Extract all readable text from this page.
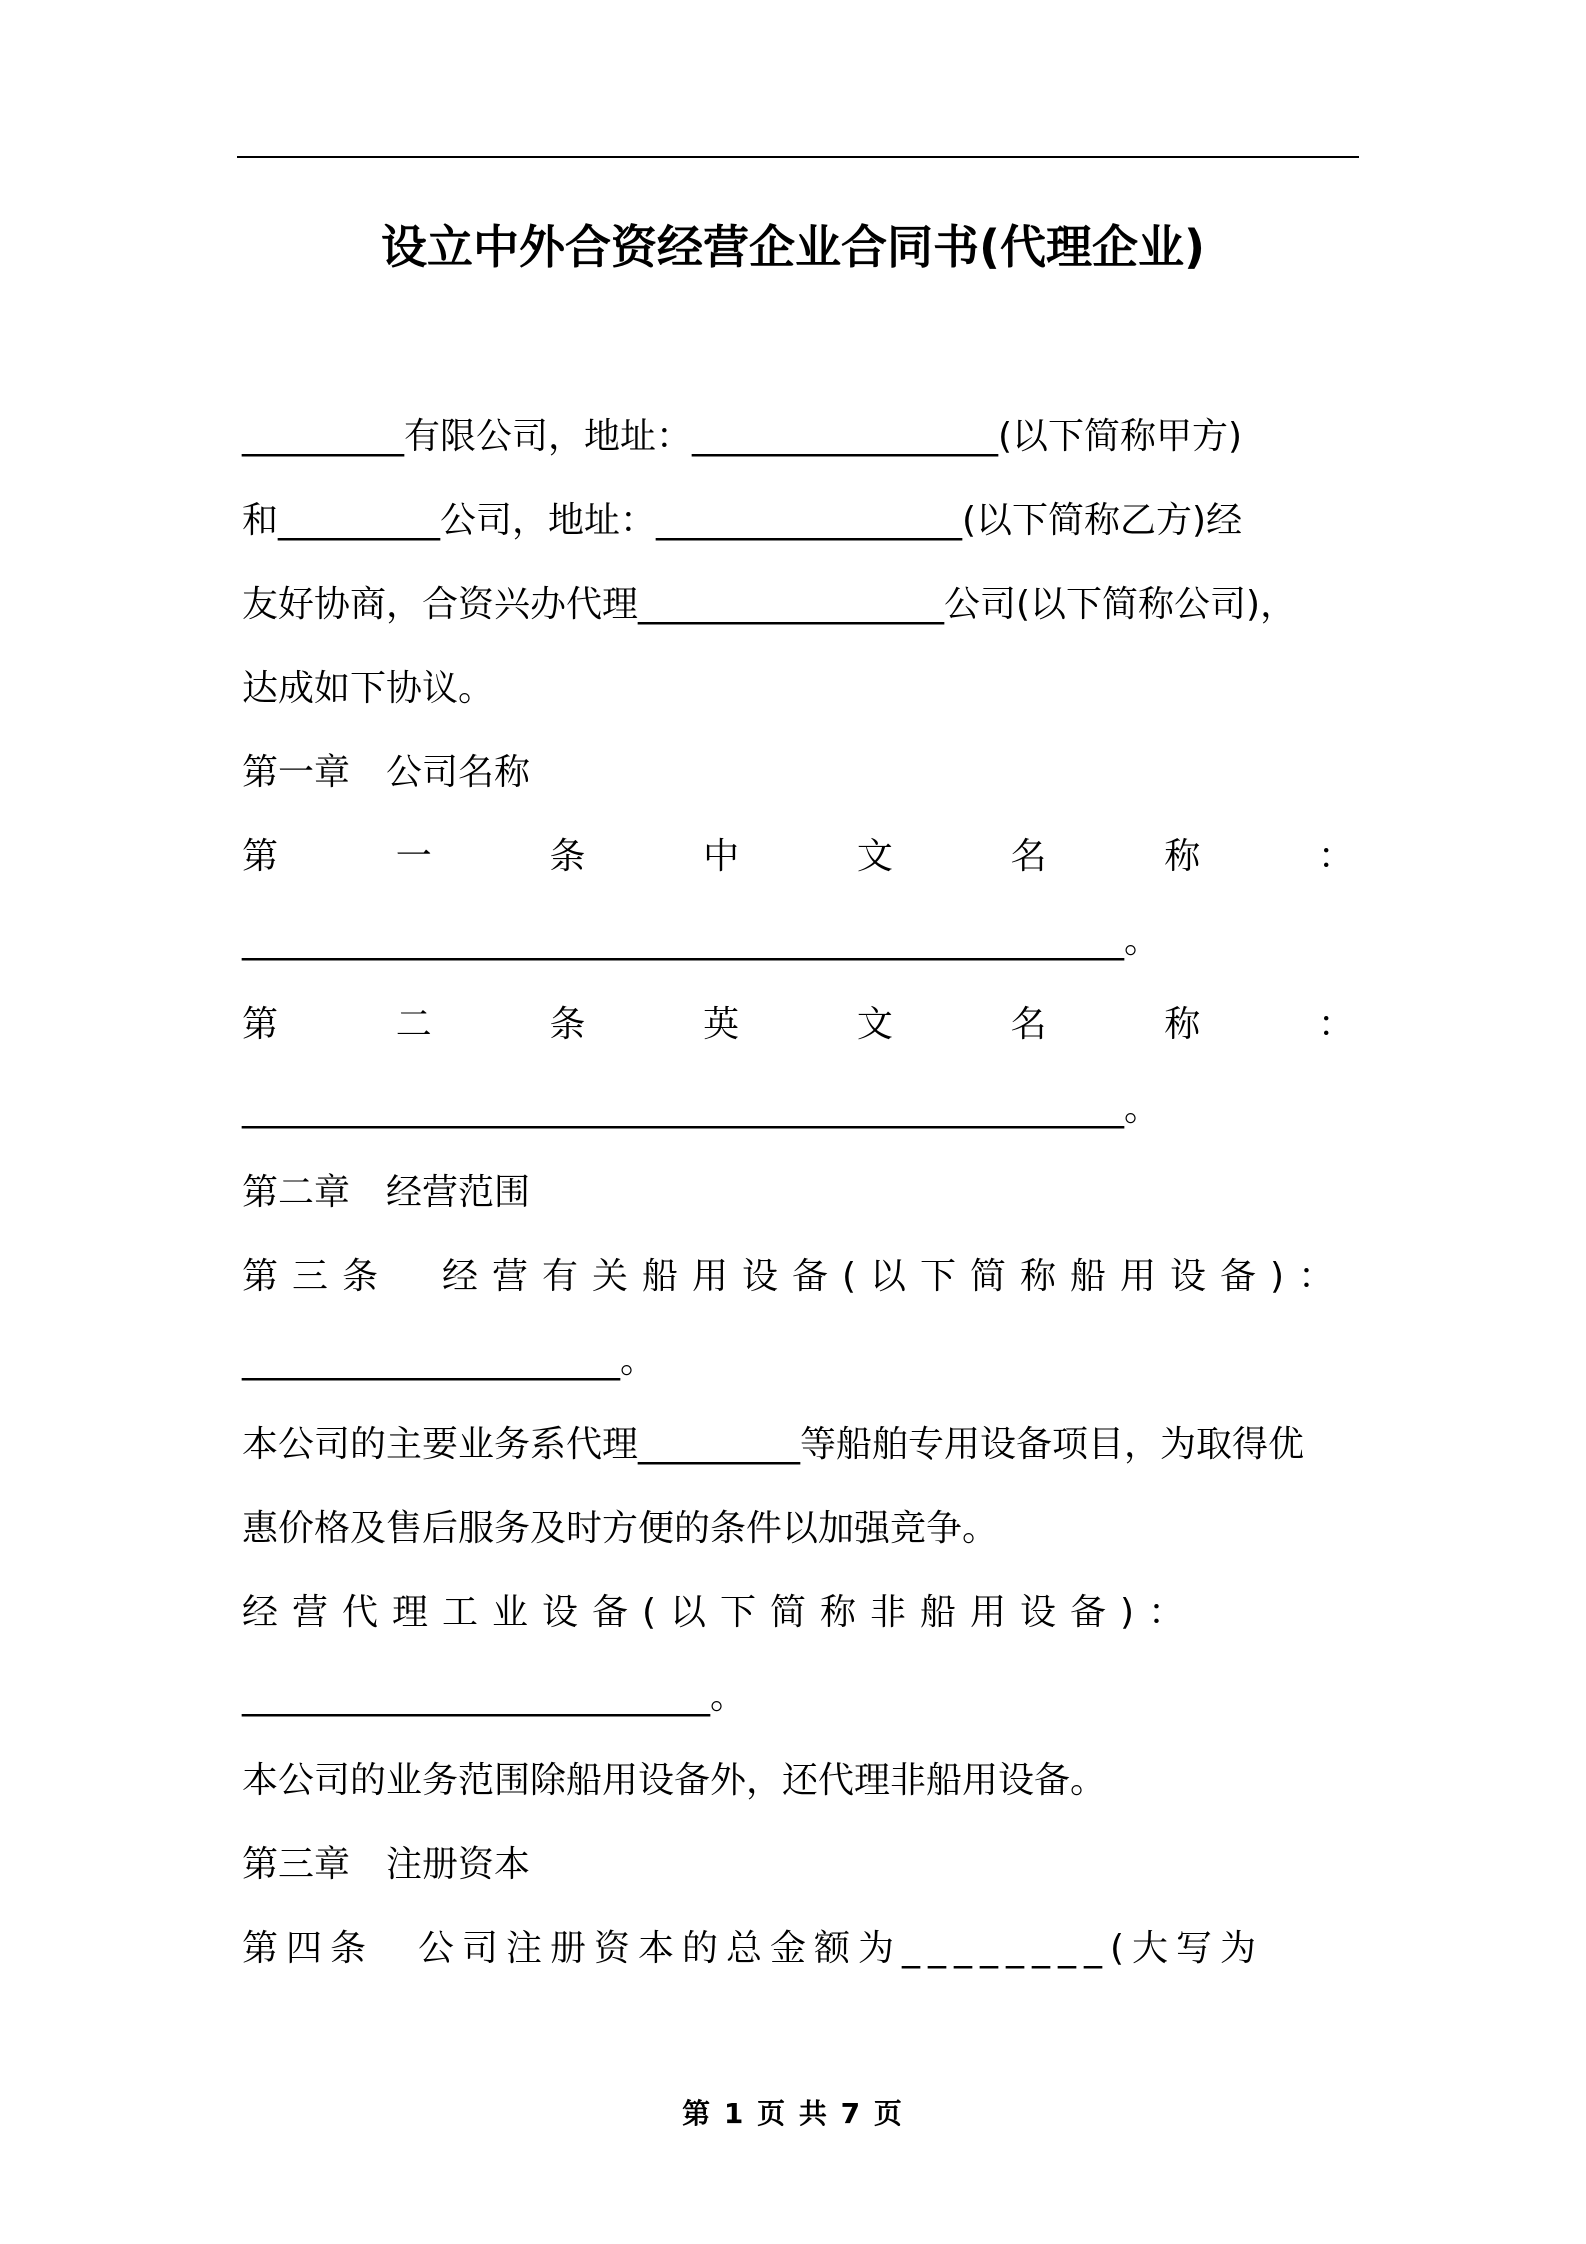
设立中外合资经营企业合同书(代理企业)
_________有限公司，地址：_________________(以下简称甲方)
和_________公司，地址：_________________(以下简称乙方)经
友好协商，合资兴办代理_________________公司(以下简称公司)，
达成如下协议。
第一章　公司名称
第	一	条	中	文	名	称	：
_________________________________________________。
第	二	条	英	文	名	称	：
_________________________________________________。
第二章　经营范围
第三条　经营有关船用设备(以下简称船用设备)：
_____________________。
本公司的主要业务系代理_________等船舶专用设备项目，为取得优
惠价格及售后服务及时方便的条件以加强竞争。
经营代理工业设备(以下简称非船用设备)：
__________________________。
本公司的业务范围除船用设备外，还代理非船用设备。
第三章　注册资本
第四条　公司注册资本的总金额为________(大写为
第 1 页 共 7 页
